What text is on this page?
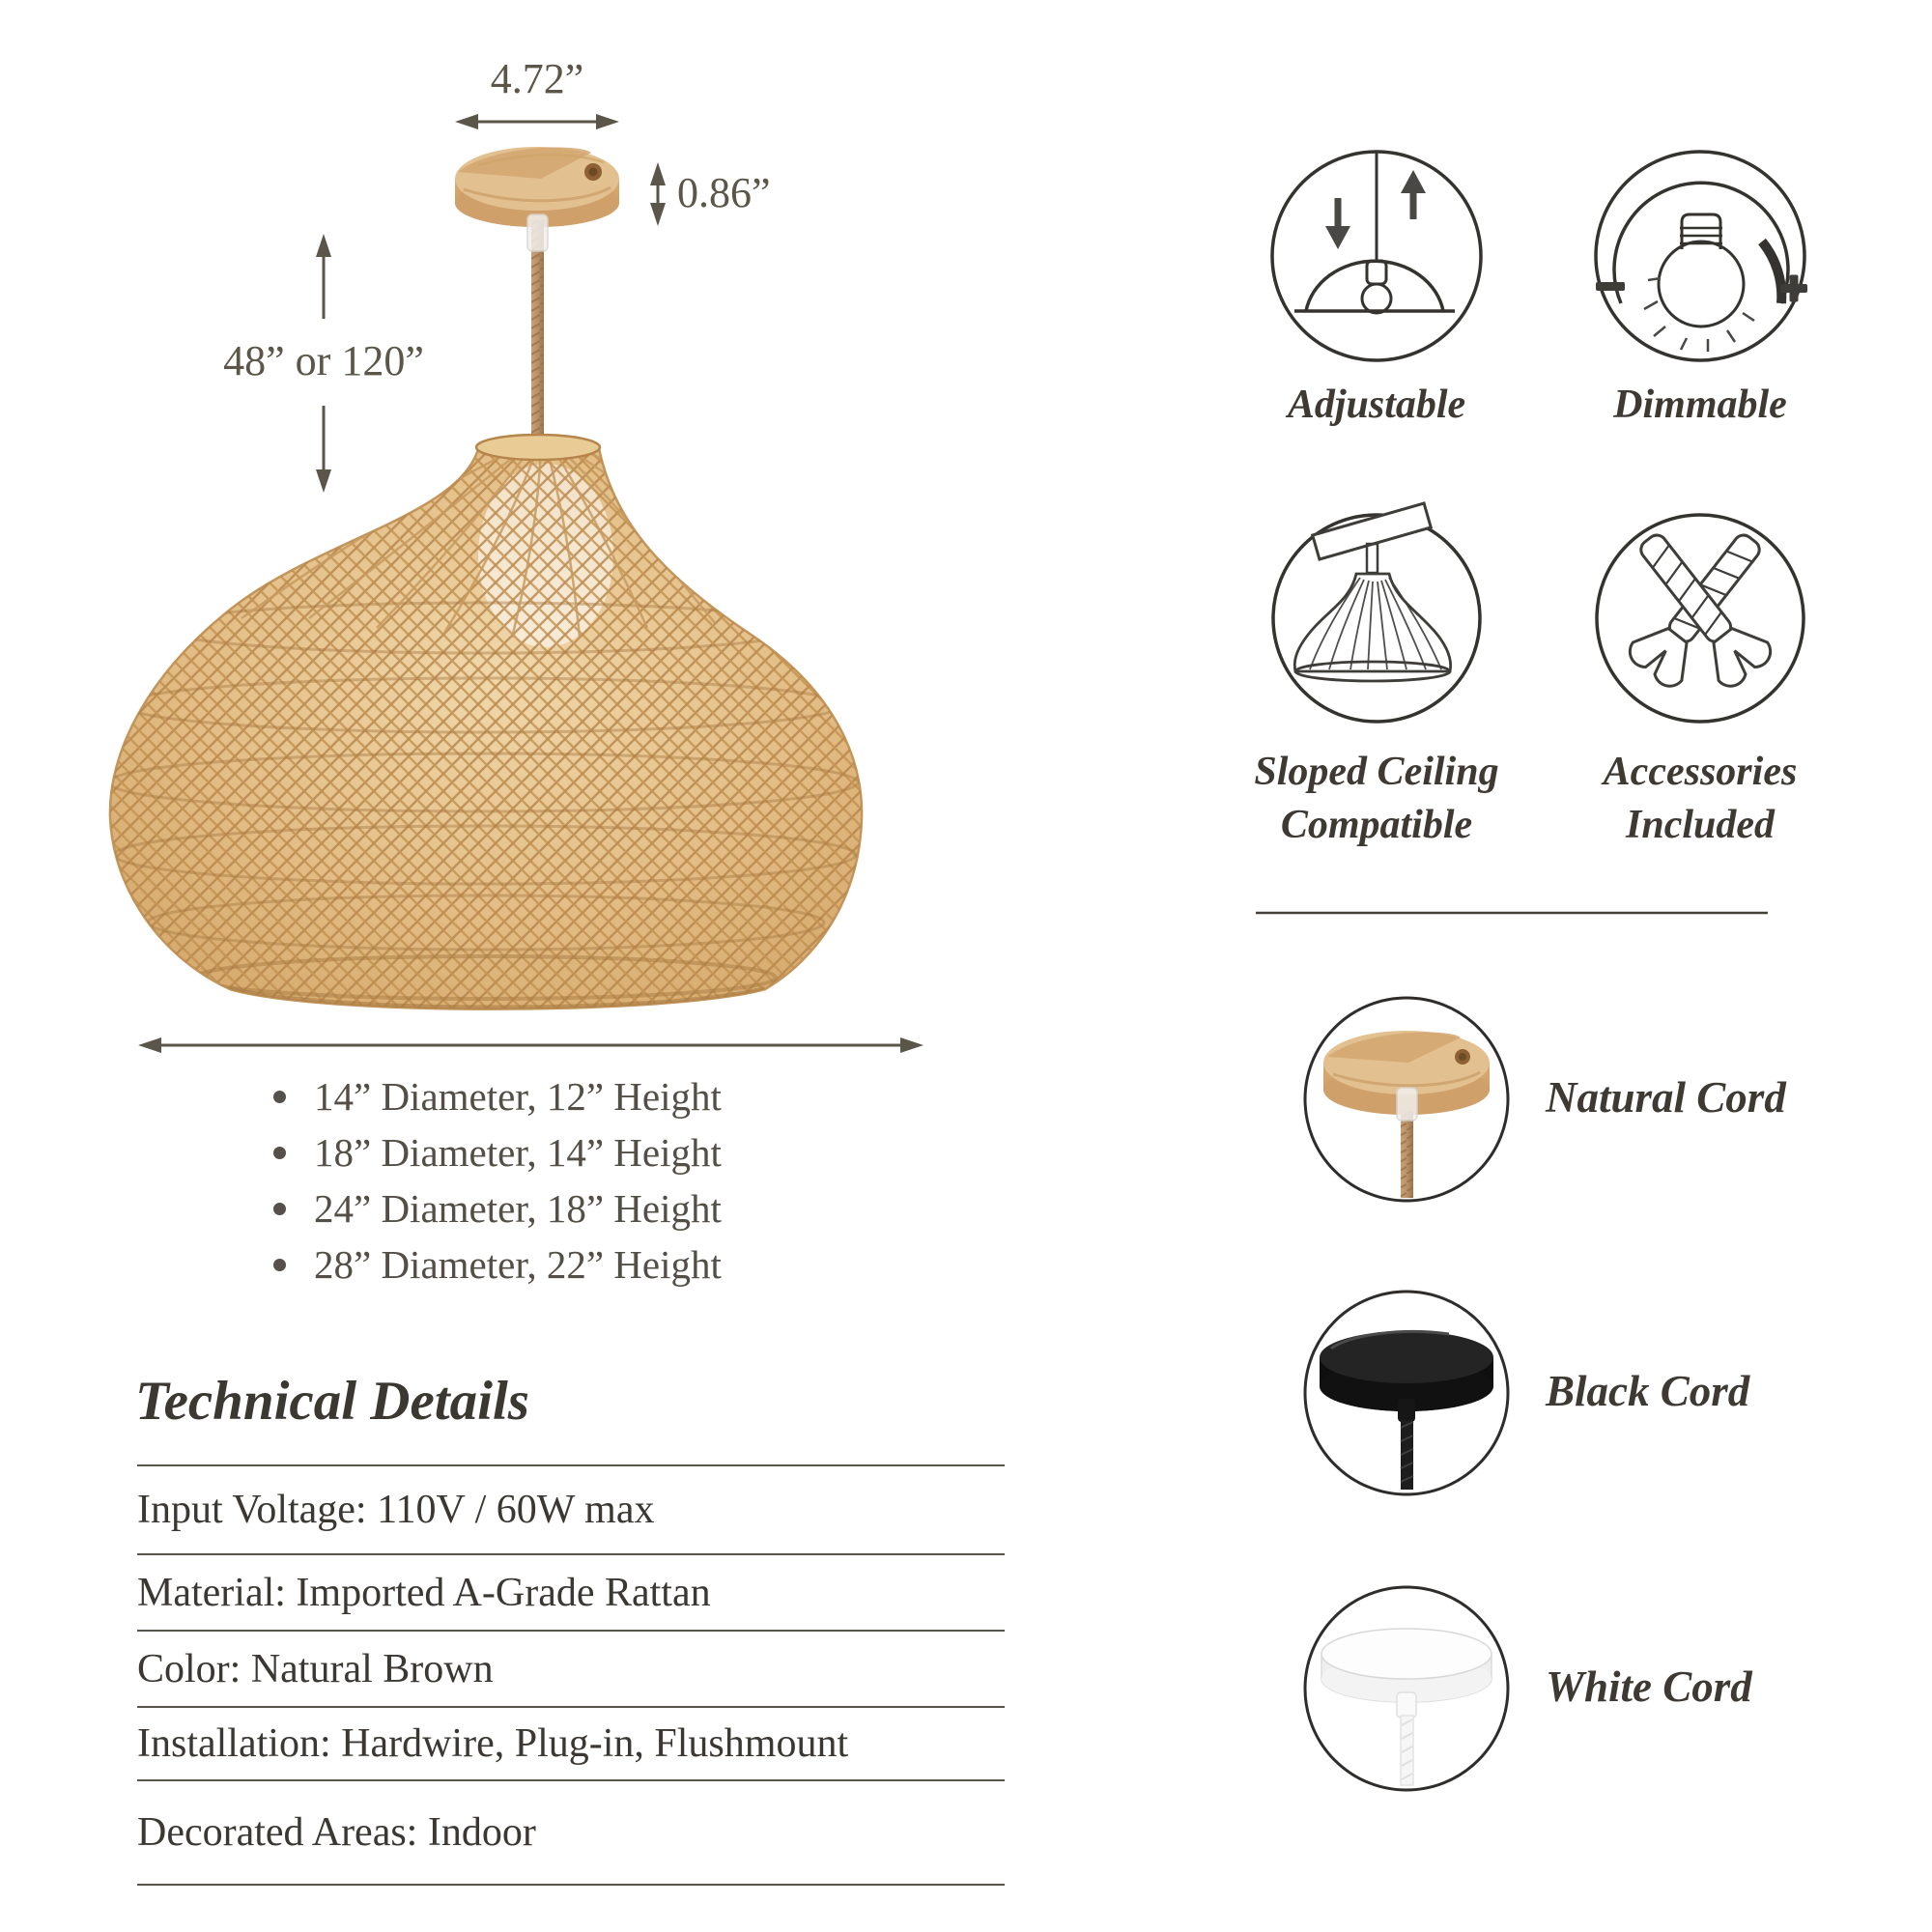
4.72”
0.86”
48” or 120”
14” Diameter, 12” Height
18” Diameter, 14” Height
24” Diameter, 18” Height
28” Diameter, 22” Height
Technical Details
Input Voltage: 110V / 60W max
Material: Imported A-Grade Rattan
Color: Natural Brown
Installation: Hardwire, Plug-in, Flushmount
Decorated Areas: Indoor
Adjustable	Dimmable
Sloped Ceiling
Compatible
Accessories
Included
Natural Cord
Black Cord
White Cord
